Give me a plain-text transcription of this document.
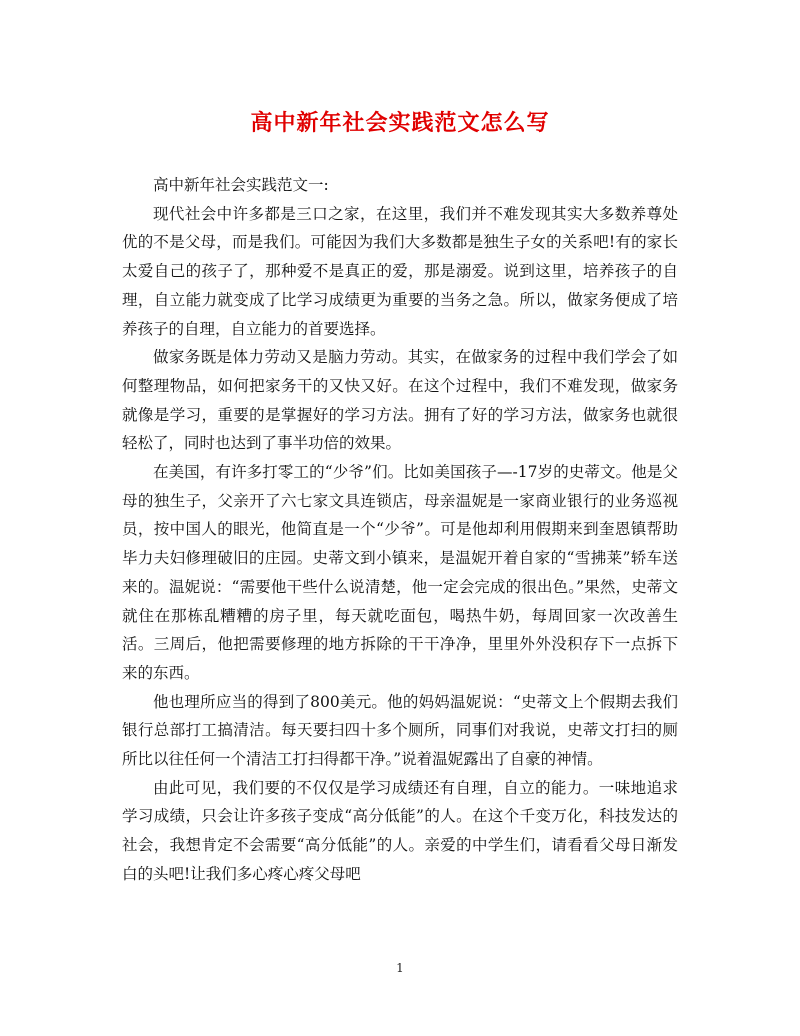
高中新年社会实践范文怎么写

高中新年社会实践范文一:

现代社会中许多都是三口之家，在这里，我们并不难发现其实大多数养尊处优的不是父母，而是我们。可能因为我们大多数都是独生子女的关系吧!有的家长太爱自己的孩子了，那种爱不是真正的爱，那是溺爱。说到这里，培养孩子的自理，自立能力就变成了比学习成绩更为重要的当务之急。所以，做家务便成了培养孩子的自理，自立能力的首要选择。

做家务既是体力劳动又是脑力劳动。其实，在做家务的过程中我们学会了如何整理物品，如何把家务干的又快又好。在这个过程中，我们不难发现，做家务就像是学习，重要的是掌握好的学习方法。拥有了好的学习方法，做家务也就很轻松了，同时也达到了事半功倍的效果。

在美国，有许多打零工的“少爷”们。比如美国孩子—-17岁的史蒂文。他是父母的独生子，父亲开了六七家文具连锁店，母亲温妮是一家商业银行的业务巡视员，按中国人的眼光，他简直是一个“少爷”。可是他却利用假期来到奎恩镇帮助毕力夫妇修理破旧的庄园。史蒂文到小镇来，是温妮开着自家的“雪拂莱”轿车送来的。温妮说：“需要他干些什么说清楚，他一定会完成的很出色。”果然，史蒂文就住在那栋乱糟糟的房子里，每天就吃面包，喝热牛奶，每周回家一次改善生活。三周后，他把需要修理的地方拆除的干干净净，里里外外没积存下一点拆下来的东西。

他也理所应当的得到了800美元。他的妈妈温妮说：“史蒂文上个假期去我们银行总部打工搞清洁。每天要扫四十多个厕所，同事们对我说，史蒂文打扫的厕所比以往任何一个清洁工打扫得都干净。”说着温妮露出了自豪的神情。

由此可见，我们要的不仅仅是学习成绩还有自理，自立的能力。一味地追求学习成绩，只会让许多孩子变成“高分低能”的人。在这个千变万化，科技发达的社会，我想肯定不会需要“高分低能”的人。亲爱的中学生们，请看看父母日渐发白的头吧!让我们多心疼心疼父母吧

1
